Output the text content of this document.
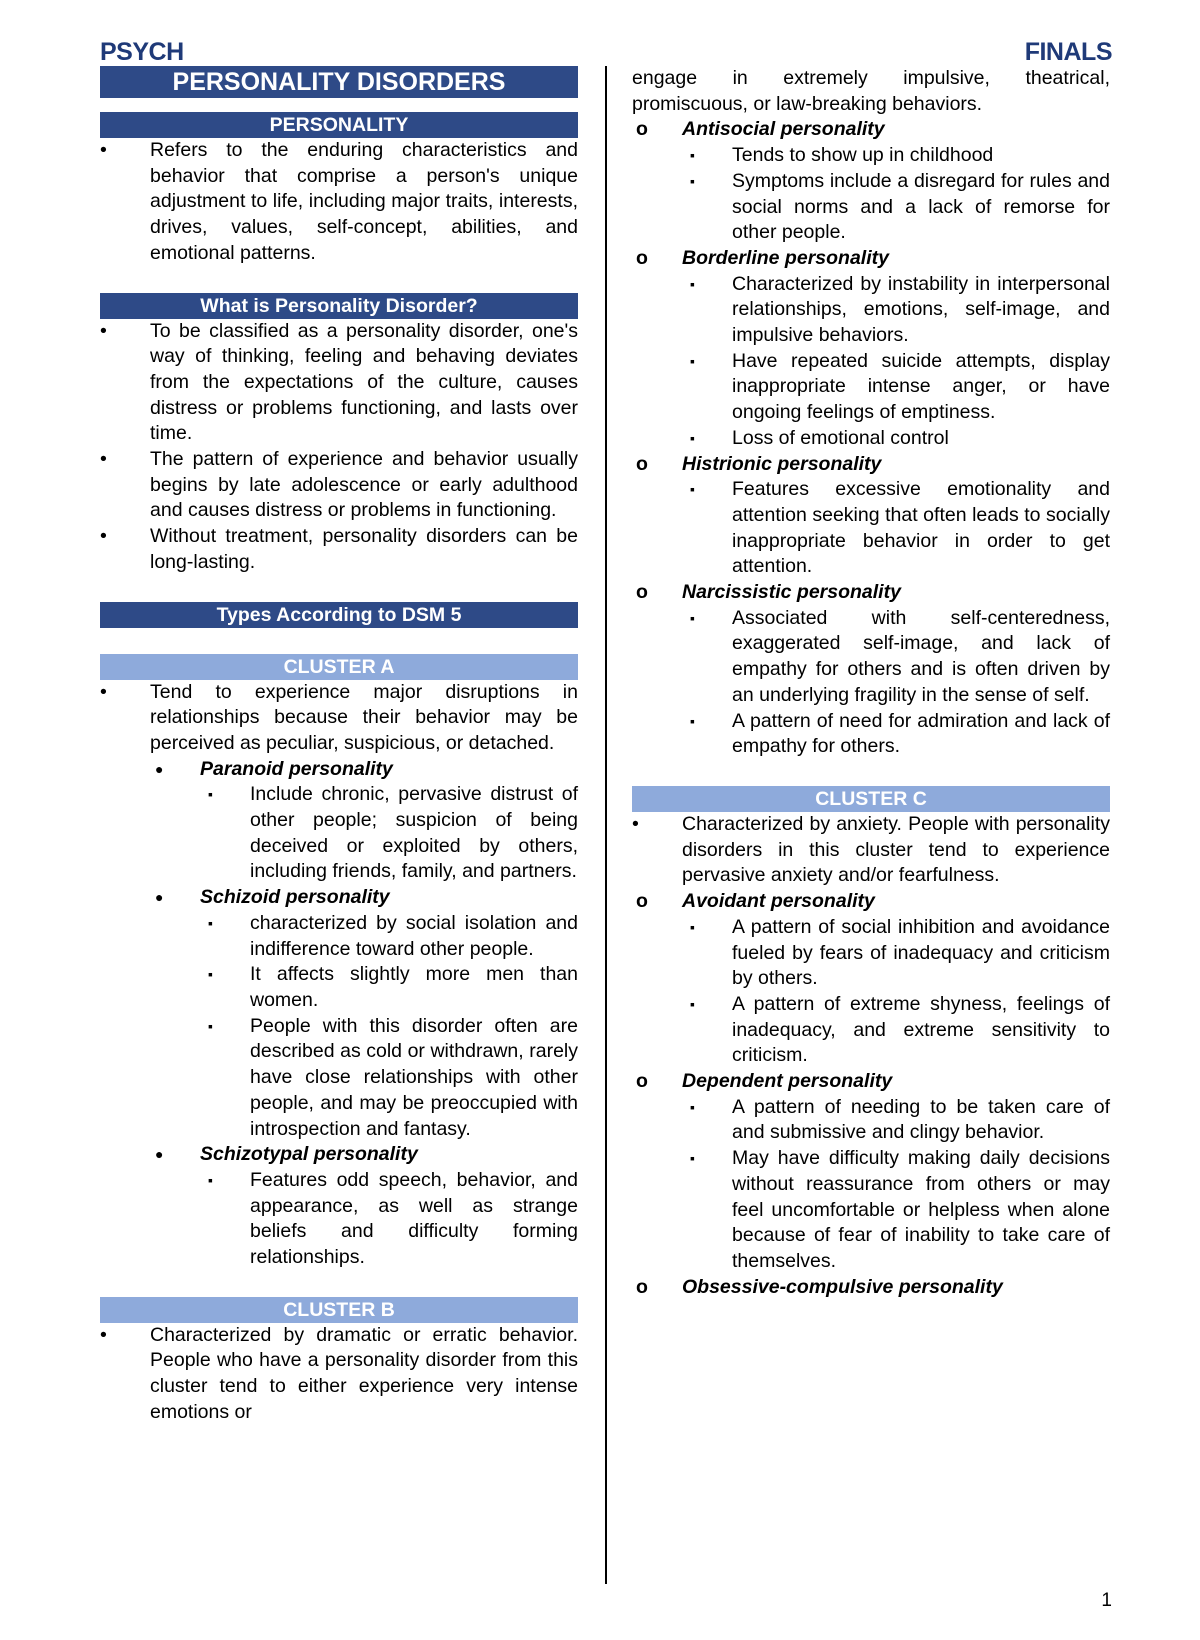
PSYCH	FINALS
PERSONALITY DISORDERS
PERSONALITY
• Refers to the enduring characteristics and behavior that comprise a person's unique adjustment to life, including major traits, interests, drives, values, self-concept, abilities, and emotional patterns.
What is Personality Disorder?
• To be classified as a personality disorder, one's way of thinking, feeling and behaving deviates from the expectations of the culture, causes distress or problems functioning, and lasts over time.
• The pattern of experience and behavior usually begins by late adolescence or early adulthood and causes distress or problems in functioning.
• Without treatment, personality disorders can be long-lasting.
Types According to DSM 5
CLUSTER A
• Tend to experience major disruptions in relationships because their behavior may be perceived as peculiar, suspicious, or detached.
● Paranoid personality
▪ Include chronic, pervasive distrust of other people; suspicion of being deceived or exploited by others, including friends, family, and partners.
● Schizoid personality
▪ characterized by social isolation and indifference toward other people.
▪ It affects slightly more men than women.
▪ People with this disorder often are described as cold or withdrawn, rarely have close relationships with other people, and may be preoccupied with introspection and fantasy.
● Schizotypal personality
▪ Features odd speech, behavior, and appearance, as well as strange beliefs and difficulty forming relationships.
CLUSTER B
• Characterized by dramatic or erratic behavior. People who have a personality disorder from this cluster tend to either experience very intense emotions or
engage in extremely impulsive, theatrical, promiscuous, or law-breaking behaviors.
o Antisocial personality
▪ Tends to show up in childhood
▪ Symptoms include a disregard for rules and social norms and a lack of remorse for other people.
o Borderline personality
▪ Characterized by instability in interpersonal relationships, emotions, self-image, and impulsive behaviors.
▪ Have repeated suicide attempts, display inappropriate intense anger, or have ongoing feelings of emptiness.
▪ Loss of emotional control
o Histrionic personality
▪ Features excessive emotionality and attention seeking that often leads to socially inappropriate behavior in order to get attention.
o Narcissistic personality
▪ Associated with self-centeredness, exaggerated self-image, and lack of empathy for others and is often driven by an underlying fragility in the sense of self.
▪ A pattern of need for admiration and lack of empathy for others.
CLUSTER C
• Characterized by anxiety. People with personality disorders in this cluster tend to experience pervasive anxiety and/or fearfulness.
o Avoidant personality
▪ A pattern of social inhibition and avoidance fueled by fears of inadequacy and criticism by others.
▪ A pattern of extreme shyness, feelings of inadequacy, and extreme sensitivity to criticism.
o Dependent personality
▪ A pattern of needing to be taken care of and submissive and clingy behavior.
▪ May have difficulty making daily decisions without reassurance from others or may feel uncomfortable or helpless when alone because of fear of inability to take care of themselves.
o Obsessive-compulsive personality
1
